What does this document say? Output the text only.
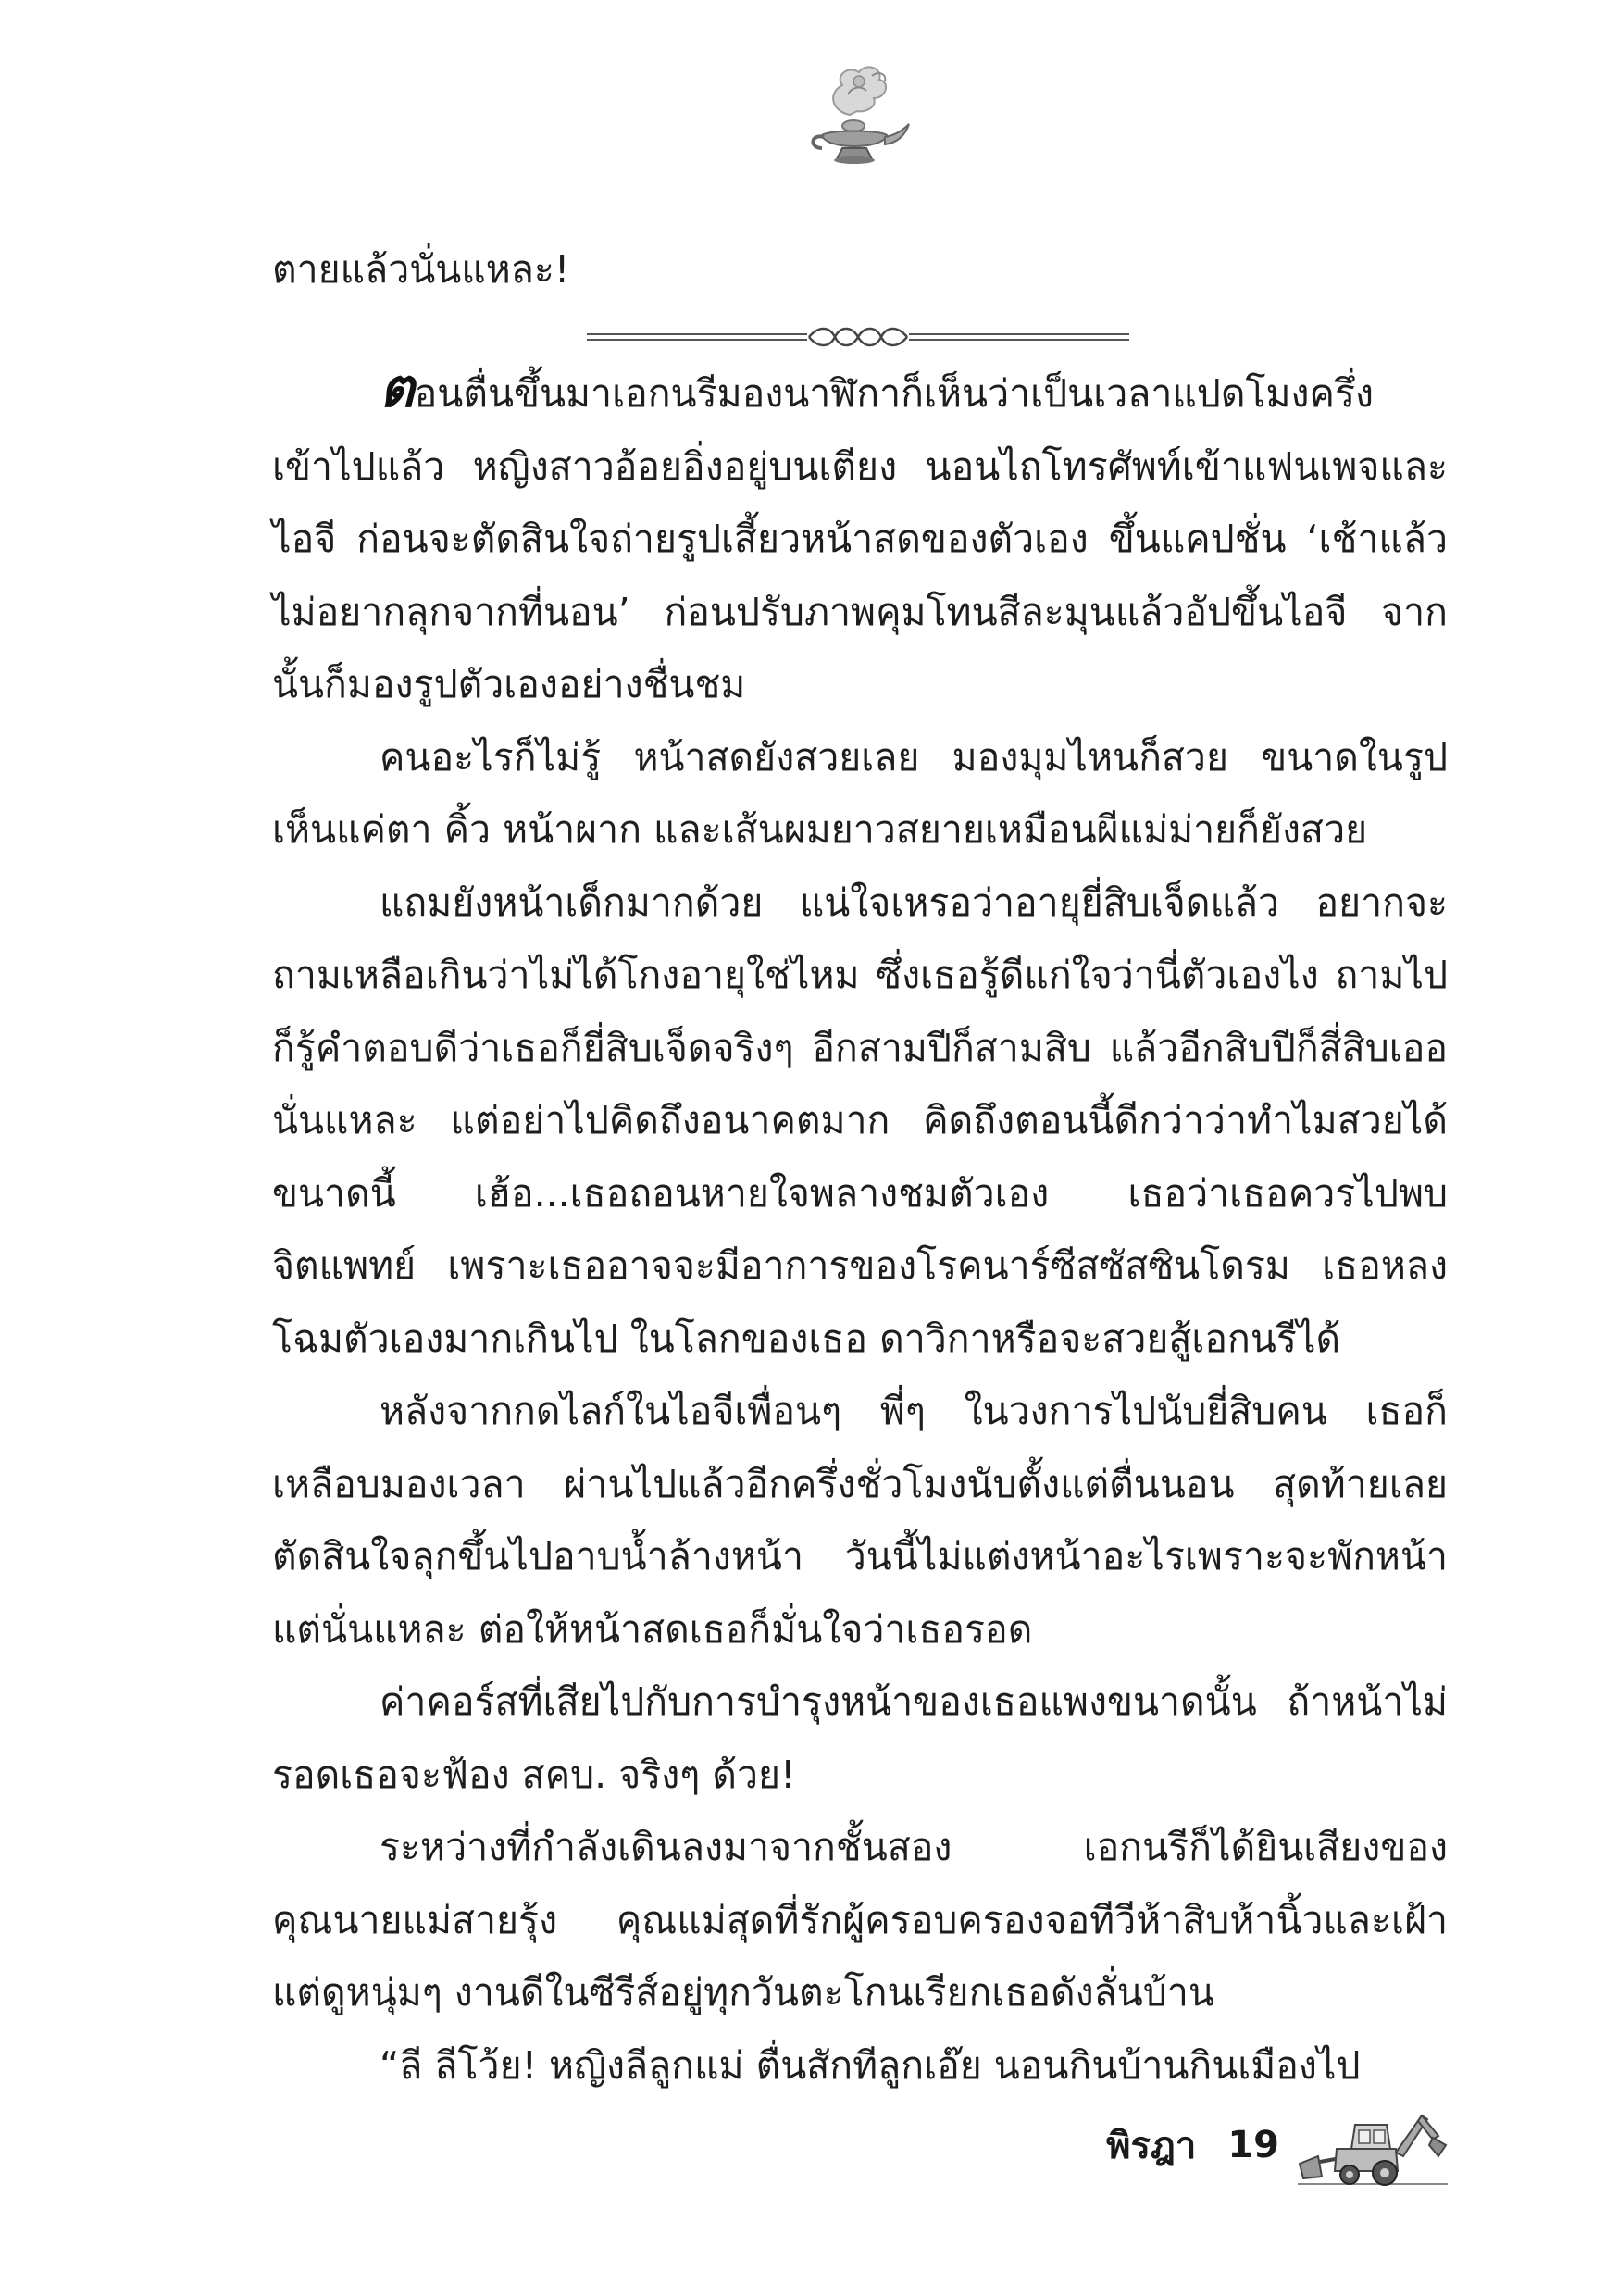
ตายแล้วนั่นแหละ!

ตอนตื่นขึ้นมาเอกนรีมองนาฬิกาก็เห็นว่าเป็นเวลาแปดโมงครึ่งเข้าไปแล้ว หญิงสาวอ้อยอิ่งอยู่บนเตียง นอนไถโทรศัพท์เข้าแฟนเพจและไอจี ก่อนจะตัดสินใจถ่ายรูปเสี้ยวหน้าสดของตัวเอง ขึ้นแคปชั่น ‘เช้าแล้วไม่อยากลุกจากที่นอน’ ก่อนปรับภาพคุมโทนสีละมุนแล้วอัปขึ้นไอจี จากนั้นก็มองรูปตัวเองอย่างชื่นชม

คนอะไรก็ไม่รู้ หน้าสดยังสวยเลย มองมุมไหนก็สวย ขนาดในรูปเห็นแค่ตา คิ้ว หน้าผาก และเส้นผมยาวสยายเหมือนผีแม่ม่ายก็ยังสวย

แถมยังหน้าเด็กมากด้วย แน่ใจเหรอว่าอายุยี่สิบเจ็ดแล้ว อยากจะถามเหลือเกินว่าไม่ได้โกงอายุใช่ไหม ซึ่งเธอรู้ดีแก่ใจว่านี่ตัวเองไง ถามไปก็รู้คำตอบดีว่าเธอก็ยี่สิบเจ็ดจริงๆ อีกสามปีก็สามสิบ แล้วอีกสิบปีก็สี่สิบเออนั่นแหละ แต่อย่าไปคิดถึงอนาคตมาก คิดถึงตอนนี้ดีกว่าว่าทำไมสวยได้ขนาดนี้ เฮ้อ...เธอถอนหายใจพลางชมตัวเอง เธอว่าเธอควรไปพบจิตแพทย์ เพราะเธออาจจะมีอาการของโรคนาร์ซีสซัสซินโดรม เธอหลงโฉมตัวเองมากเกินไป ในโลกของเธอ ดาวิกาหรือจะสวยสู้เอกนรีได้

หลังจากกดไลก์ในไอจีเพื่อนๆ พี่ๆ ในวงการไปนับยี่สิบคน เธอก็เหลือบมองเวลา ผ่านไปแล้วอีกครึ่งชั่วโมงนับตั้งแต่ตื่นนอน สุดท้ายเลยตัดสินใจลุกขึ้นไปอาบน้ำล้างหน้า วันนี้ไม่แต่งหน้าอะไรเพราะจะพักหน้าแต่นั่นแหละ ต่อให้หน้าสดเธอก็มั่นใจว่าเธอรอด

ค่าคอร์สที่เสียไปกับการบำรุงหน้าของเธอแพงขนาดนั้น ถ้าหน้าไม่รอดเธอจะฟ้อง สคบ. จริงๆ ด้วย!

ระหว่างที่กำลังเดินลงมาจากชั้นสอง เอกนรีก็ได้ยินเสียงของคุณนายแม่สายรุ้ง คุณแม่สุดที่รักผู้ครอบครองจอทีวีห้าสิบห้านิ้วและเฝ้าแต่ดูหนุ่มๆ งานดีในซีรีส์อยู่ทุกวันตะโกนเรียกเธอดังลั่นบ้าน

“ลี ลีโว้ย! หญิงลีลูกแม่ ตื่นสักทีลูกเอ๊ย นอนกินบ้านกินเมืองไป

พิรฎา 19
